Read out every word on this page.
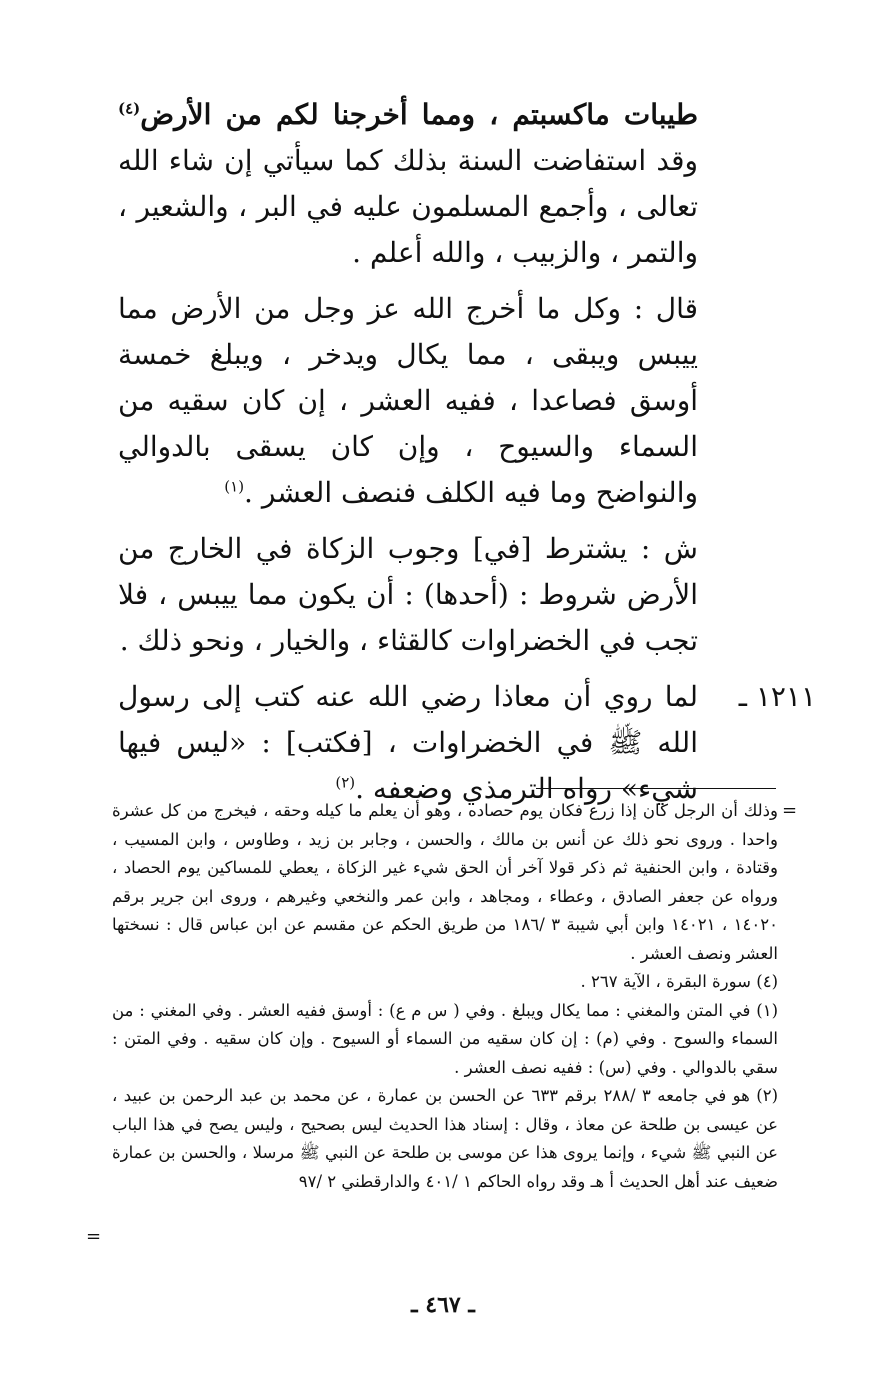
طيبات ماكسبتم ، ومما أخرجنا لكم من الأرض$^{(٤)}$ وقد استفاضت السنة بذلك كما سيأتي إن شاء الله تعالى ، وأجمع المسلمون عليه في البر ، والشعير ، والتمر ، والزبيب ، والله أعلم .

قال : وكل ما أخرج الله عز وجل من الأرض مما ييبس ويبقى ، مما يكال ويدخر ، ويبلغ خمسة أوسق فصاعدا ، ففيه العشر ، إن كان سقيه من السماء والسيوح ، وإن كان يسقى بالدوالي والنواضح وما فيه الكلف فنصف العشر .$^{(١)}$

ش : يشترط [في] وجوب الزكاة في الخارج من الأرض شروط : (أحدها) : أن يكون مما ييبس ، فلا تجب في الخضراوات كالقثاء ، والخيار ، ونحو ذلك .

١٢١١ ـ
لما روي أن معاذا رضي الله عنه كتب إلى رسول الله ﷺ في الخضراوات ، [فكتب] : «ليس فيها شيء» رواه الترمذي وضعفه .$^{(٢)}$

=

وذلك أن الرجل كان إذا زرع فكان يوم حصاده ، وهو أن يعلم ما كيله وحقه ، فيخرج من كل عشرة واحدا . وروى نحو ذلك عن أنس بن مالك ، والحسن ، وجابر بن زيد ، وطاوس ، وابن المسيب ، وقتادة ، وابن الحنفية ثم ذكر قولا آخر أن الحق شيء غير الزكاة ، يعطي للمساكين يوم الحصاد ، ورواه عن جعفر الصادق ، وعطاء ، ومجاهد ، وابن عمر والنخعي وغيرهم ، وروى ابن جرير برقم ١٤٠٢٠ ، ١٤٠٢١ وابن أبي شيبة ٣ /١٨٦ من طريق الحكم عن مقسم عن ابن عباس قال : نسختها العشر ونصف العشر .

(٤) سورة البقرة ، الآية ٢٦٧ .

(١) في المتن والمغني : مما يكال ويبلغ . وفي ( س م ع) : أوسق ففيه العشر . وفي المغني : من السماء والسوح . وفي (م) : إن كان سقيه من السماء أو السيوح . وإن كان سقيه . وفي المتن : سقي بالدوالي . وفي (س) : ففيه نصف العشر .

(٢) هو في جامعه ٣ /٢٨٨ برقم ٦٣٣ عن الحسن بن عمارة ، عن محمد بن عبد الرحمن بن عبيد ، عن عيسى بن طلحة عن معاذ ، وقال : إسناد هذا الحديث ليس بصحيح ، وليس يصح في هذا الباب عن النبي ﷺ شيء ، وإنما يروى هذا عن موسى بن طلحة عن النبي ﷺ مرسلا ، والحسن بن عمارة ضعيف عند أهل الحديث أ هـ وقد رواه الحاكم ١ /٤٠١ والدارقطني ٢ /٩٧

=
ـ ٤٦٧ ـ
